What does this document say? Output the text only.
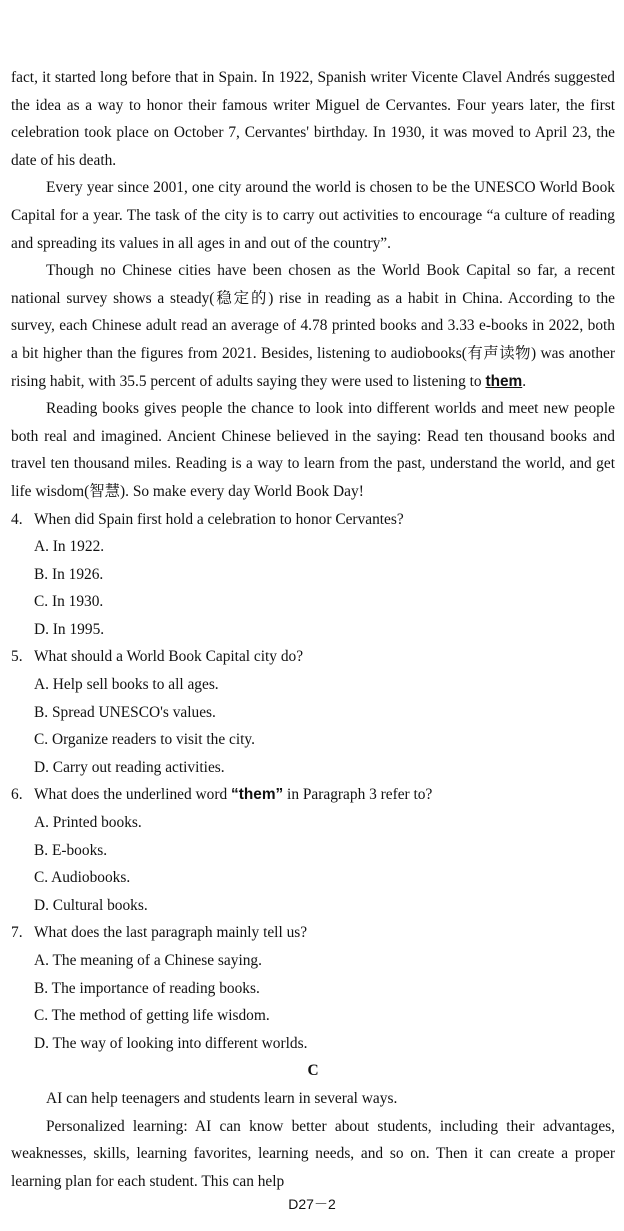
fact, it started long before that in Spain. In 1922, Spanish writer Vicente Clavel Andrés suggested the idea as a way to honor their famous writer Miguel de Cervantes. Four years later, the first celebration took place on October 7, Cervantes' birthday. In 1930, it was moved to April 23, the date of his death.

Every year since 2001, one city around the world is chosen to be the UNESCO World Book Capital for a year. The task of the city is to carry out activities to encourage “a culture of reading and spreading its values in all ages in and out of the country”.

Though no Chinese cities have been chosen as the World Book Capital so far, a recent national survey shows a steady(稳定的) rise in reading as a habit in China. According to the survey, each Chinese adult read an average of 4.78 printed books and 3.33 e-books in 2022, both a bit higher than the figures from 2021. Besides, listening to audiobooks(有声读物) was another rising habit, with 35.5 percent of adults saying they were used to listening to them.

Reading books gives people the chance to look into different worlds and meet new people both real and imagined. Ancient Chinese believed in the saying: Read ten thousand books and travel ten thousand miles. Reading is a way to learn from the past, understand the world, and get life wisdom(智慧). So make every day World Book Day!

4. When did Spain first hold a celebration to honor Cervantes?
A. In 1922.
B. In 1926.
C. In 1930.
D. In 1995.
5. What should a World Book Capital city do?
A. Help sell books to all ages.
B. Spread UNESCO's values.
C. Organize readers to visit the city.
D. Carry out reading activities.
6. What does the underlined word “them” in Paragraph 3 refer to?
A. Printed books.
B. E-books.
C. Audiobooks.
D. Cultural books.
7. What does the last paragraph mainly tell us?
A. The meaning of a Chinese saying.
B. The importance of reading books.
C. The method of getting life wisdom.
D. The way of looking into different worlds.

C

AI can help teenagers and students learn in several ways.

Personalized learning: AI can know better about students, including their advantages, weaknesses, skills, learning favorites, learning needs, and so on. Then it can create a proper learning plan for each student. This can help

D27－2
